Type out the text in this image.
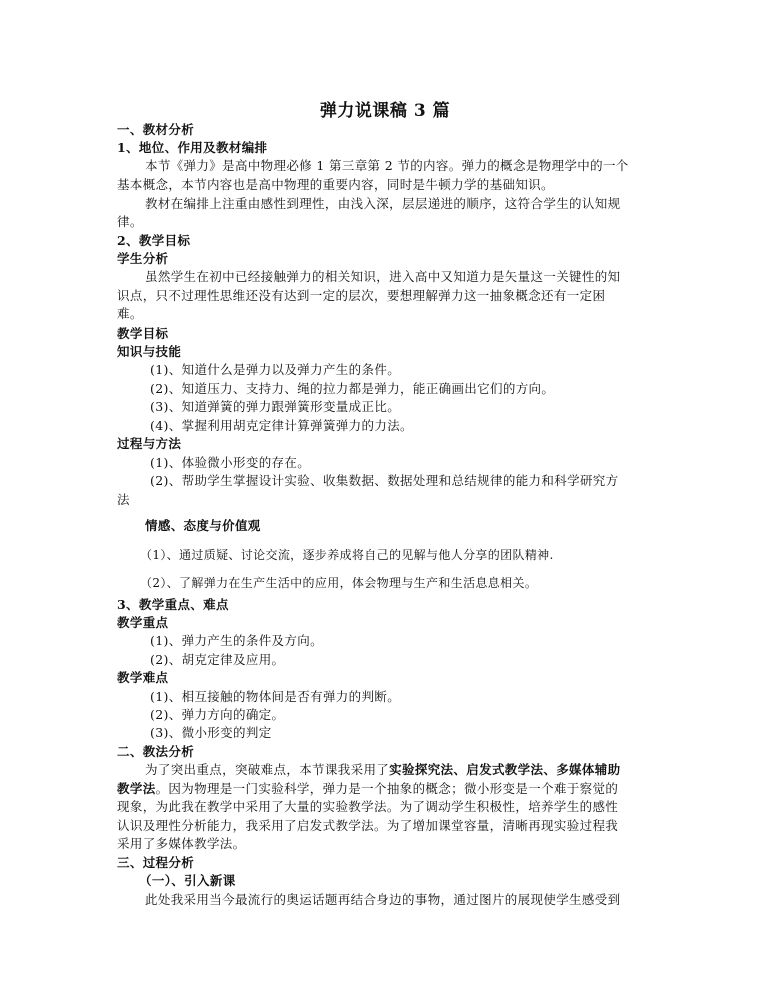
弹力说课稿 3 篇
一、教材分析
1、地位、作用及教材编排
本节《弹力》是高中物理必修 1 第三章第 2 节的内容。弹力的概念是物理学中的一个
基本概念，本节内容也是高中物理的重要内容，同时是牛顿力学的基础知识。
教材在编排上注重由感性到理性，由浅入深，层层递进的顺序，这符合学生的认知规
律。
2、教学目标
学生分析
虽然学生在初中已经接触弹力的相关知识，进入高中又知道力是矢量这一关键性的知
识点，只不过理性思维还没有达到一定的层次，要想理解弹力这一抽象概念还有一定困
难。
教学目标
知识与技能
(1)、知道什么是弹力以及弹力产生的条件。
(2)、知道压力、支持力、绳的拉力都是弹力，能正确画出它们的方向。
(3)、知道弹簧的弹力跟弹簧形变量成正比。
(4)、掌握利用胡克定律计算弹簧弹力的力法。
过程与方法
(1)、体验微小形变的存在。
(2)、帮助学生掌握设计实验、收集数据、数据处理和总结规律的能力和科学研究方
法
情感、态度与价值观
（1）、通过质疑、讨论交流，逐步养成将自己的见解与他人分享的团队精神.
（2）、了解弹力在生产生活中的应用，体会物理与生产和生活息息相关。
3、教学重点、难点
教学重点
(1)、弹力产生的条件及方向。
(2)、胡克定律及应用。
教学难点
(1)、相互接触的物体间是否有弹力的判断。
(2)、弹力方向的确定。
(3)、微小形变的判定
二、教法分析
为了突出重点，突破难点，本节课我采用了实验探究法、启发式教学法、多媒体辅助
教学法。因为物理是一门实验科学，弹力是一个抽象的概念；微小形变是一个难于察觉的
现象，为此我在教学中采用了大量的实验教学法。为了调动学生积极性，培养学生的感性
认识及理性分析能力，我采用了启发式教学法。为了增加课堂容量，清晰再现实验过程我
采用了多媒体教学法。
三、过程分析
（一）、引入新课
此处我采用当今最流行的奥运话题再结合身边的事物，通过图片的展现使学生感受到
